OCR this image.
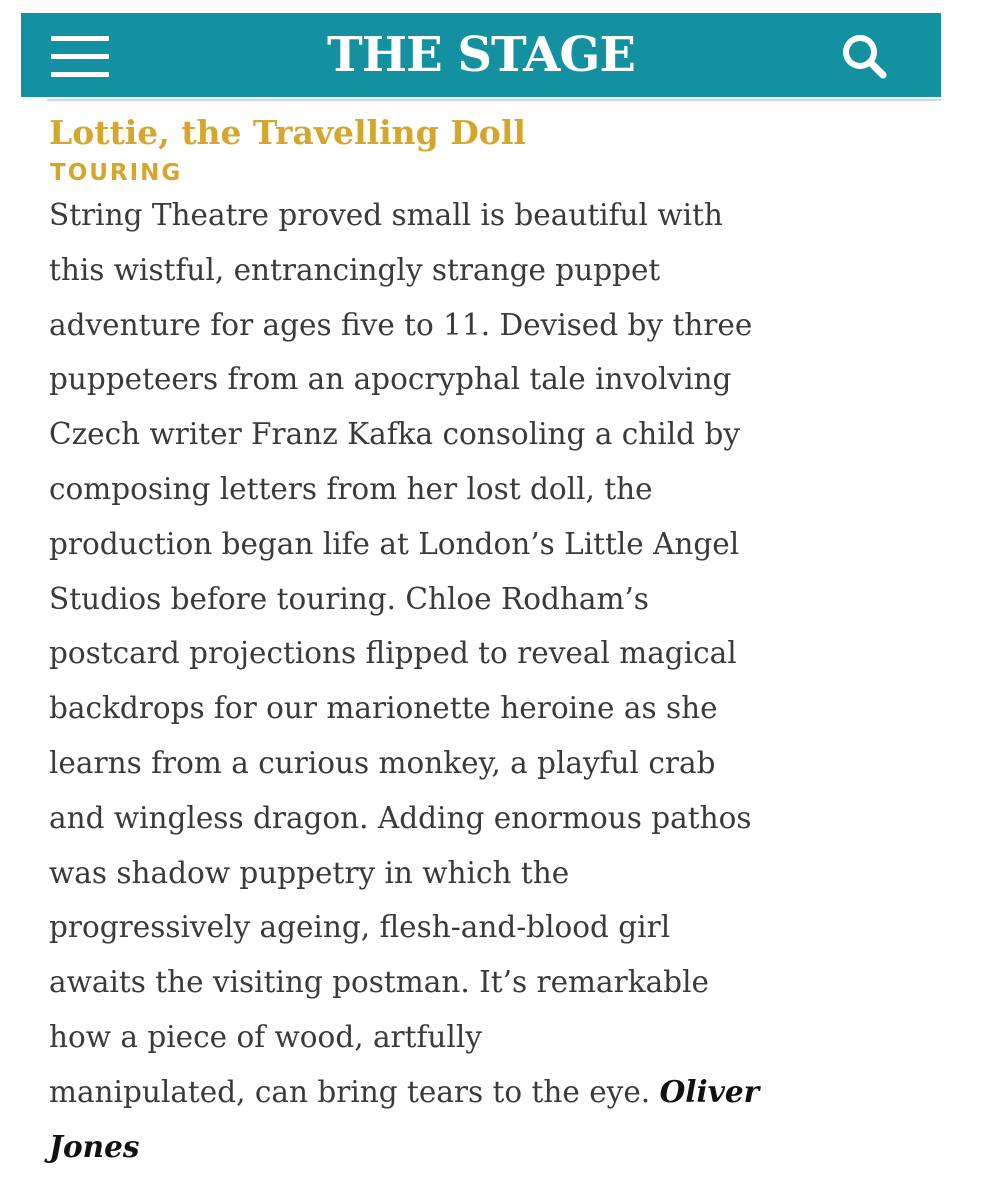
THE STAGE
Lottie, the Travelling Doll
TOURING

String Theatre proved small is beautiful with
this wistful, entrancingly strange puppet
adventure for ages five to 11. Devised by three
puppeteers from an apocryphal tale involving
Czech writer Franz Kafka consoling a child by
composing letters from her lost doll, the
production began life at London’s Little Angel
Studios before touring. Chloe Rodham’s
postcard projections flipped to reveal magical
backdrops for our marionette heroine as she
learns from a curious monkey, a playful crab
and wingless dragon. Adding enormous pathos
was shadow puppetry in which the
progressively ageing, flesh-and-blood girl
awaits the visiting postman. It’s remarkable
how a piece of wood, artfully
manipulated, can bring tears to the eye. Oliver
Jones
